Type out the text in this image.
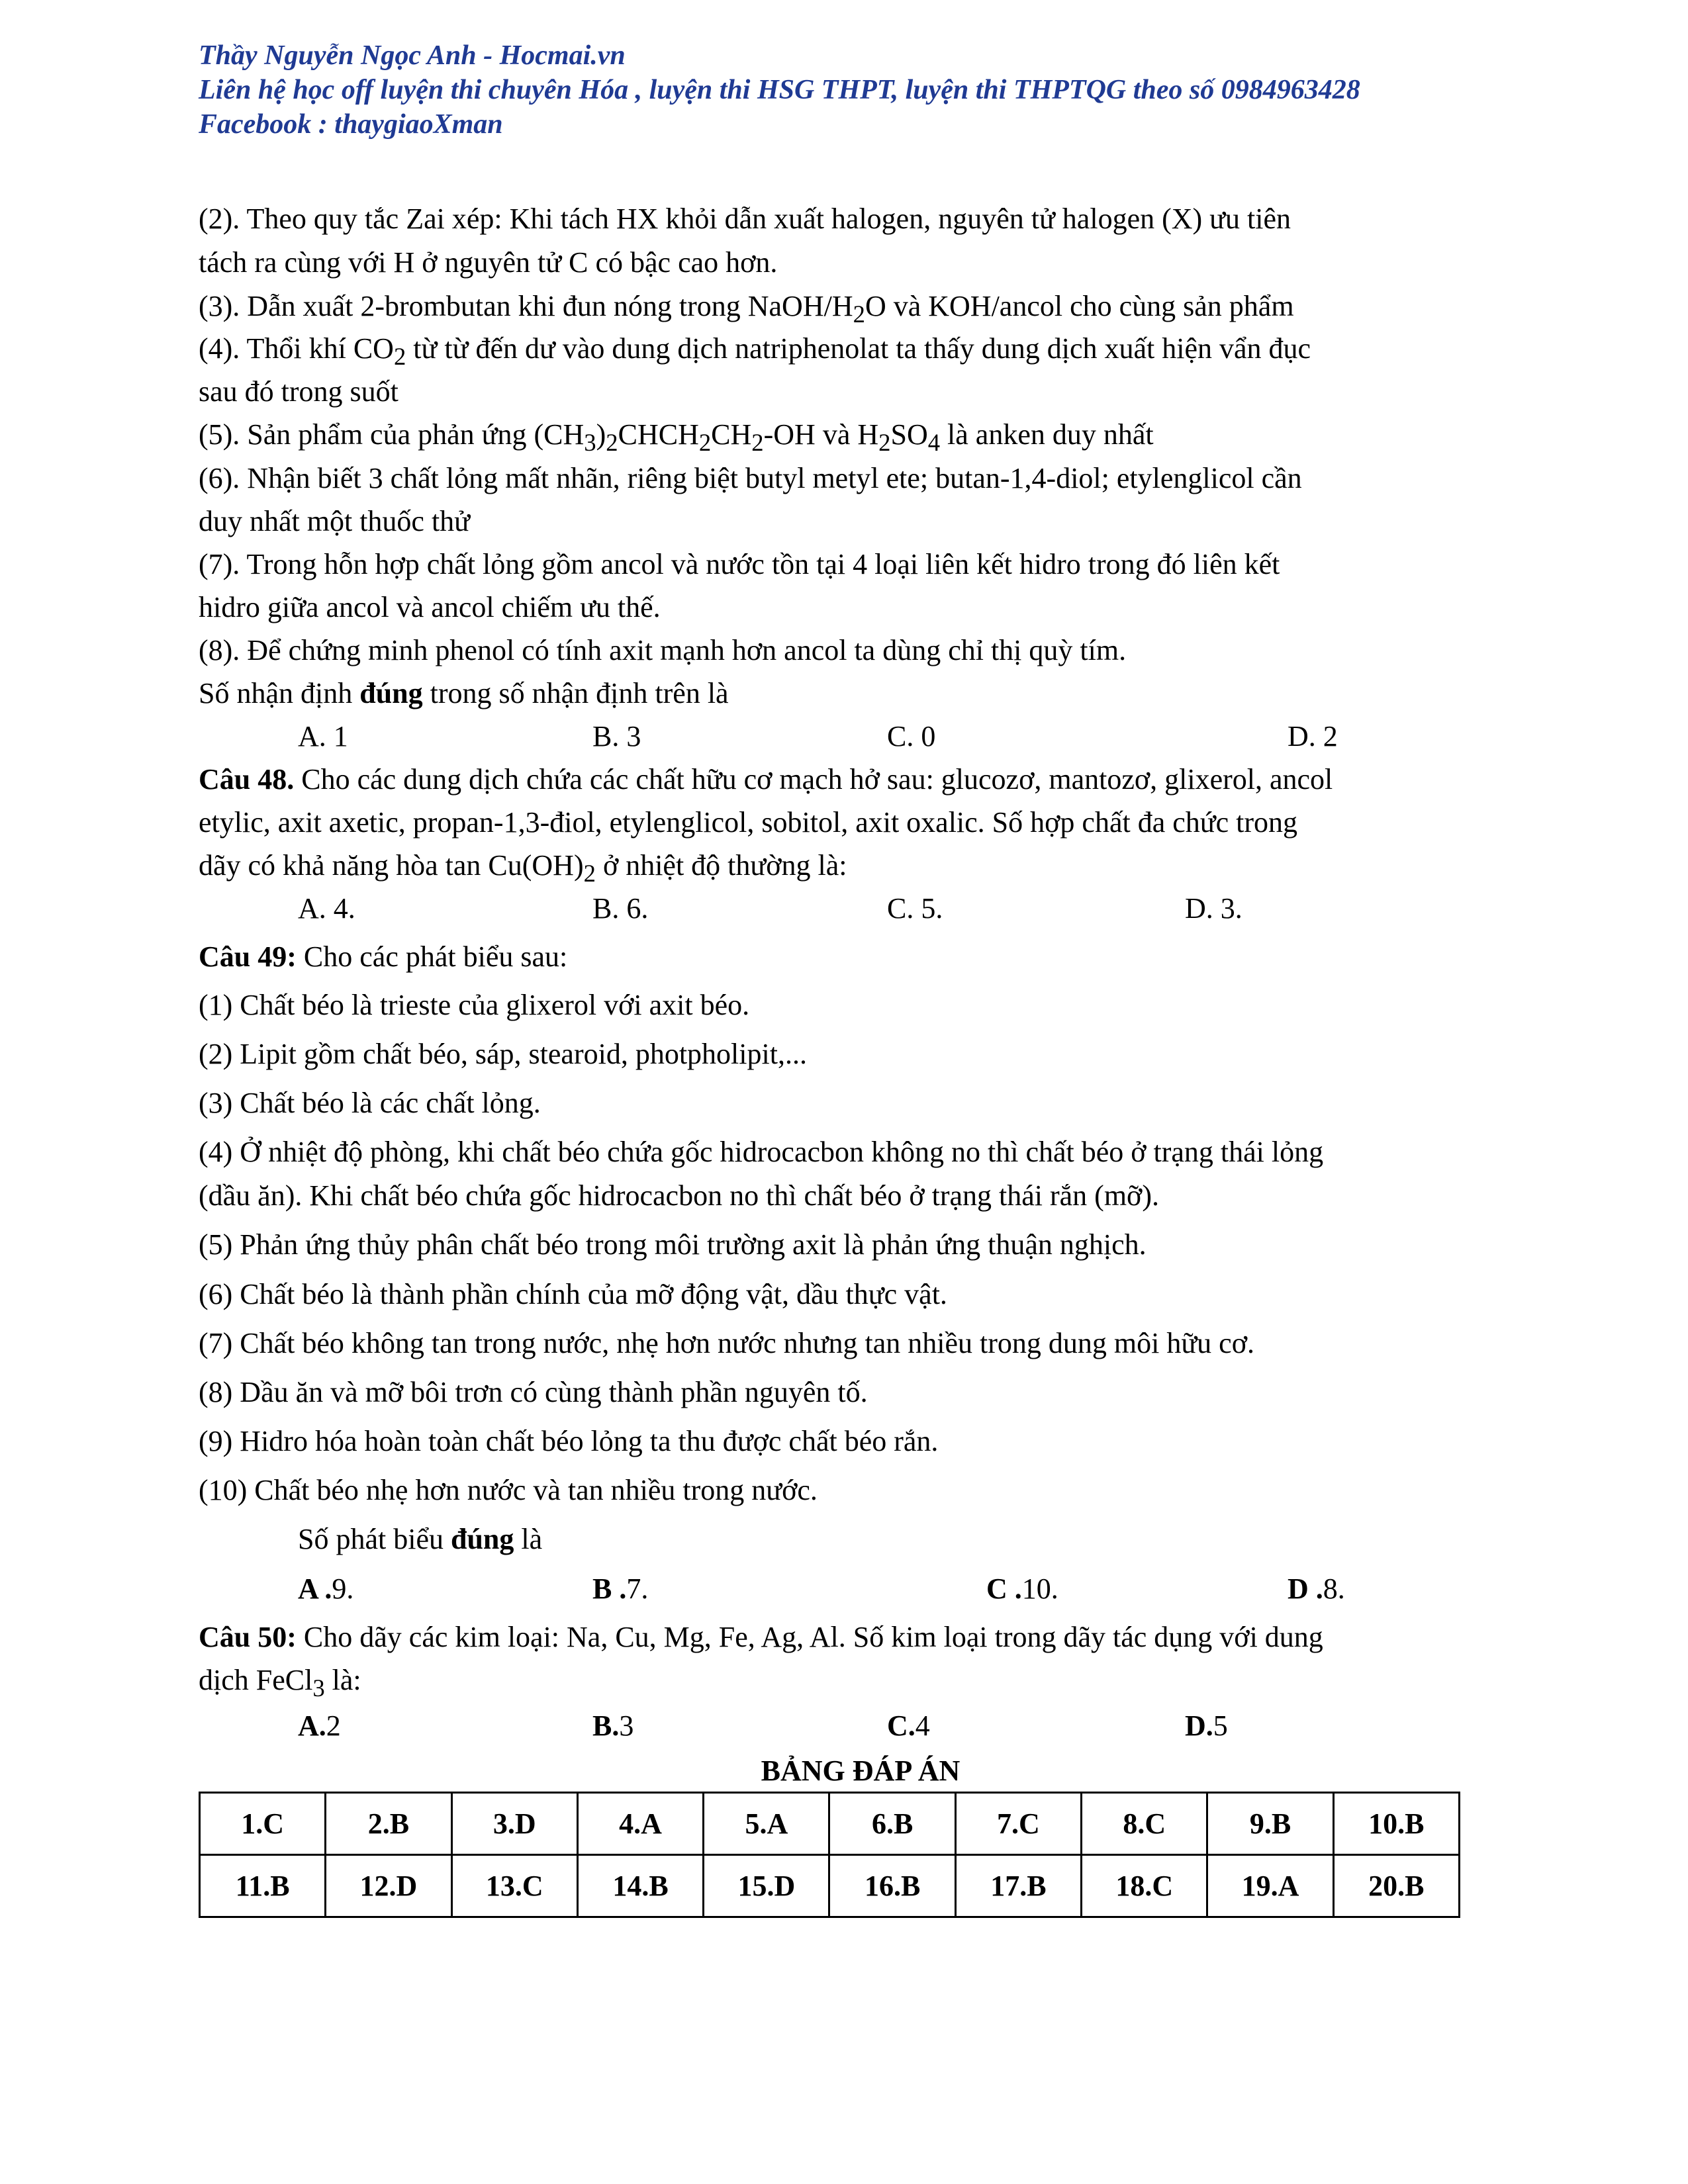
Thầy Nguyễn Ngọc Anh - Hocmai.vn
Liên hệ học off luyện thi chuyên Hóa , luyện thi HSG THPT, luyện thi THPTQG theo số 0984963428
Facebook : thaygiaoXman
(2). Theo quy tắc Zai xép: Khi tách HX khỏi dẫn xuất halogen, nguyên tử halogen (X) ưu tiên
tách ra cùng với H ở nguyên tử C có bậc cao hơn.
(3). Dẫn xuất 2-brombutan khi đun nóng trong NaOH/$H_2O$ và KOH/ancol cho cùng sản phẩm
(4). Thổi khí $CO_2$ từ từ đến dư vào dung dịch natriphenolat ta thấy dung dịch xuất hiện vẩn đục
sau đó trong suốt
(5). Sản phẩm của phản ứng $(CH_3)_2CHCH_2CH_2-OH$ và $H_2SO_4$ là anken duy nhất
(6). Nhận biết 3 chất lỏng mất nhãn, riêng biệt butyl metyl ete; butan-1,4-diol; etylenglicol cần
duy nhất một thuốc thử
(7). Trong hỗn hợp chất lỏng gồm ancol và nước tồn tại 4 loại liên kết hidro trong đó liên kết
hidro giữa ancol và ancol chiếm ưu thế.
(8). Để chứng minh phenol có tính axit mạnh hơn ancol ta dùng chỉ thị quỳ tím.
Số nhận định đúng trong số nhận định trên là
A. 1	B. 3	C. 0	D. 2
Câu 48. Cho các dung dịch chứa các chất hữu cơ mạch hở sau: glucozơ, mantozơ, glixerol, ancol
etylic, axit axetic, propan-1,3-điol, etylenglicol, sobitol, axit oxalic. Số hợp chất đa chức trong
dãy có khả năng hòa $\tan Cu(OH)_2$ ở nhiệt độ thường là:
A. 4.	B. 6.	C. 5.	D. 3.
Câu 49: Cho các phát biểu sau:
(1) Chất béo là trieste của glixerol với axit béo.
(2) Lipit gồm chất béo, sáp, stearoid, photpholipit,...
(3) Chất béo là các chất lỏng.
(4) Ở nhiệt độ phòng, khi chất béo chứa gốc hidrocacbon không no thì chất béo ở trạng thái lỏng
(dầu ăn). Khi chất béo chứa gốc hidrocacbon no thì chất béo ở trạng thái rắn (mỡ).
(5) Phản ứng thủy phân chất béo trong môi trường axit là phản ứng thuận nghịch.
(6) Chất béo là thành phần chính của mỡ động vật, dầu thực vật.
(7) Chất béo không tan trong nước, nhẹ hơn nước nhưng tan nhiều trong dung môi hữu cơ.
(8) Dầu ăn và mỡ bôi trơn có cùng thành phần nguyên tố.
(9) Hidro hóa hoàn toàn chất béo lỏng ta thu được chất béo rắn.
(10) Chất béo nhẹ hơn nước và tan nhiều trong nước.
Số phát biểu đúng là
A .9.	B .7.	C .10.	D .8.
Câu 50: Cho dãy các kim loại: Na, Cu, Mg, Fe, Ag, Al. Số kim loại trong dãy tác dụng với dung
dịch FeCl$_3$ là:
A.2	B.3	C.4	D.5
BẢNG ĐÁP ÁN
1.C	2.B	3.D	4.A	5.A	6.B	7.C	8.C	9.B	10.B
11.B	12.D	13.C	14.B	15.D	16.B	17.B	18.C	19.A	20.B
